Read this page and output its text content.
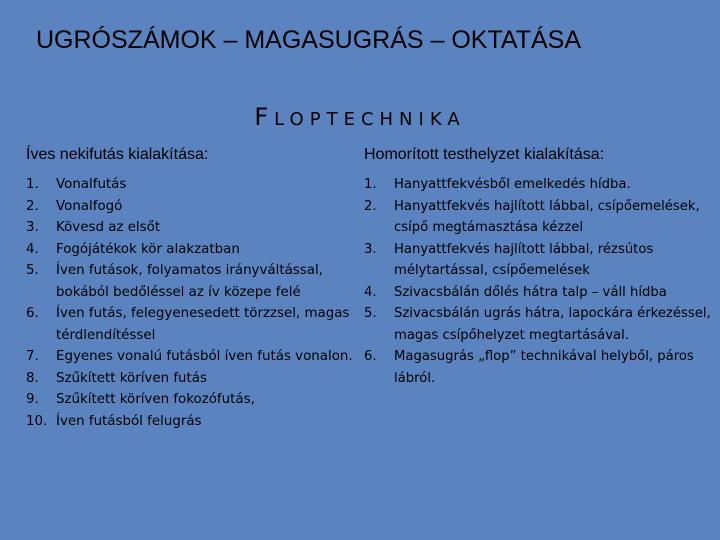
UGRÓSZÁMOK – MAGASUGRÁS – OKTATÁSA
FLOPTECHNIKA
Íves nekifutás kialakítása:
1. Vonalfutás
2. Vonalfogó
3. Kövesd az elsőt
4. Fogójátékok kör alakzatban
5. Íven futások, folyamatos irányváltással, bokából bedőléssel az ív közepe felé
6. Íven futás, felegyenesedett törzzsel, magas térdlendítéssel
7. Egyenes vonalú futásból íven futás vonalon.
8. Szűkített köríven futás
9. Szűkített köríven fokozófutás,
10. Íven futásból felugrás
Homorított testhelyzet kialakítása:
1. Hanyattfekvésből emelkedés hídba.
2. Hanyattfekvés hajlított lábbal, csípőemelések, csípő megtámasztása kézzel
3. Hanyattfekvés hajlított lábbal, rézsútos mélytartással, csípőemelések
4. Szivacsbálán dőlés hátra talp – váll hídba
5. Szivacsbálán ugrás hátra, lapockára érkezéssel, magas csípőhelyzet megtartásával.
6. Magasugrás „flop” technikával helyből, páros lábról.
